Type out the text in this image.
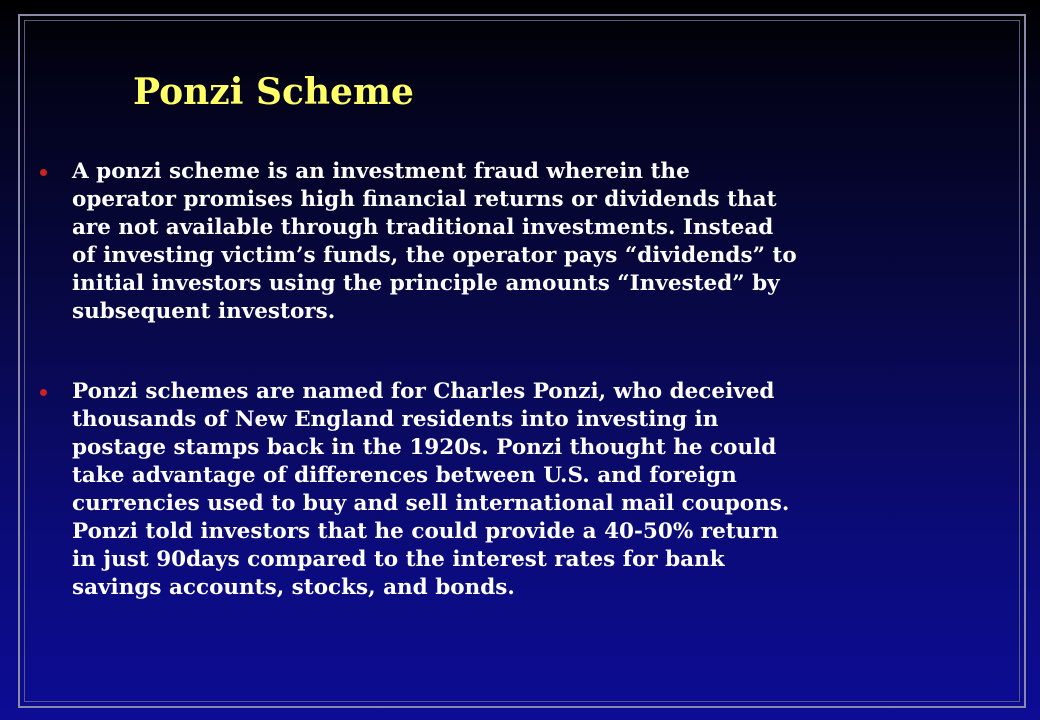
Ponzi Scheme
A ponzi scheme is an investment fraud wherein the operator promises high financial returns or dividends that are not available through traditional investments. Instead of investing victim’s funds, the operator pays “dividends” to initial investors using the principle amounts “Invested” by subsequent investors.
Ponzi schemes are named for Charles Ponzi, who deceived thousands of New England residents into investing in postage stamps back in the 1920s. Ponzi thought he could take advantage of differences between U.S. and foreign currencies used to buy and sell international mail coupons. Ponzi told investors that he could provide a 40-50% return in just 90days compared to the interest rates for bank savings accounts, stocks, and bonds.
